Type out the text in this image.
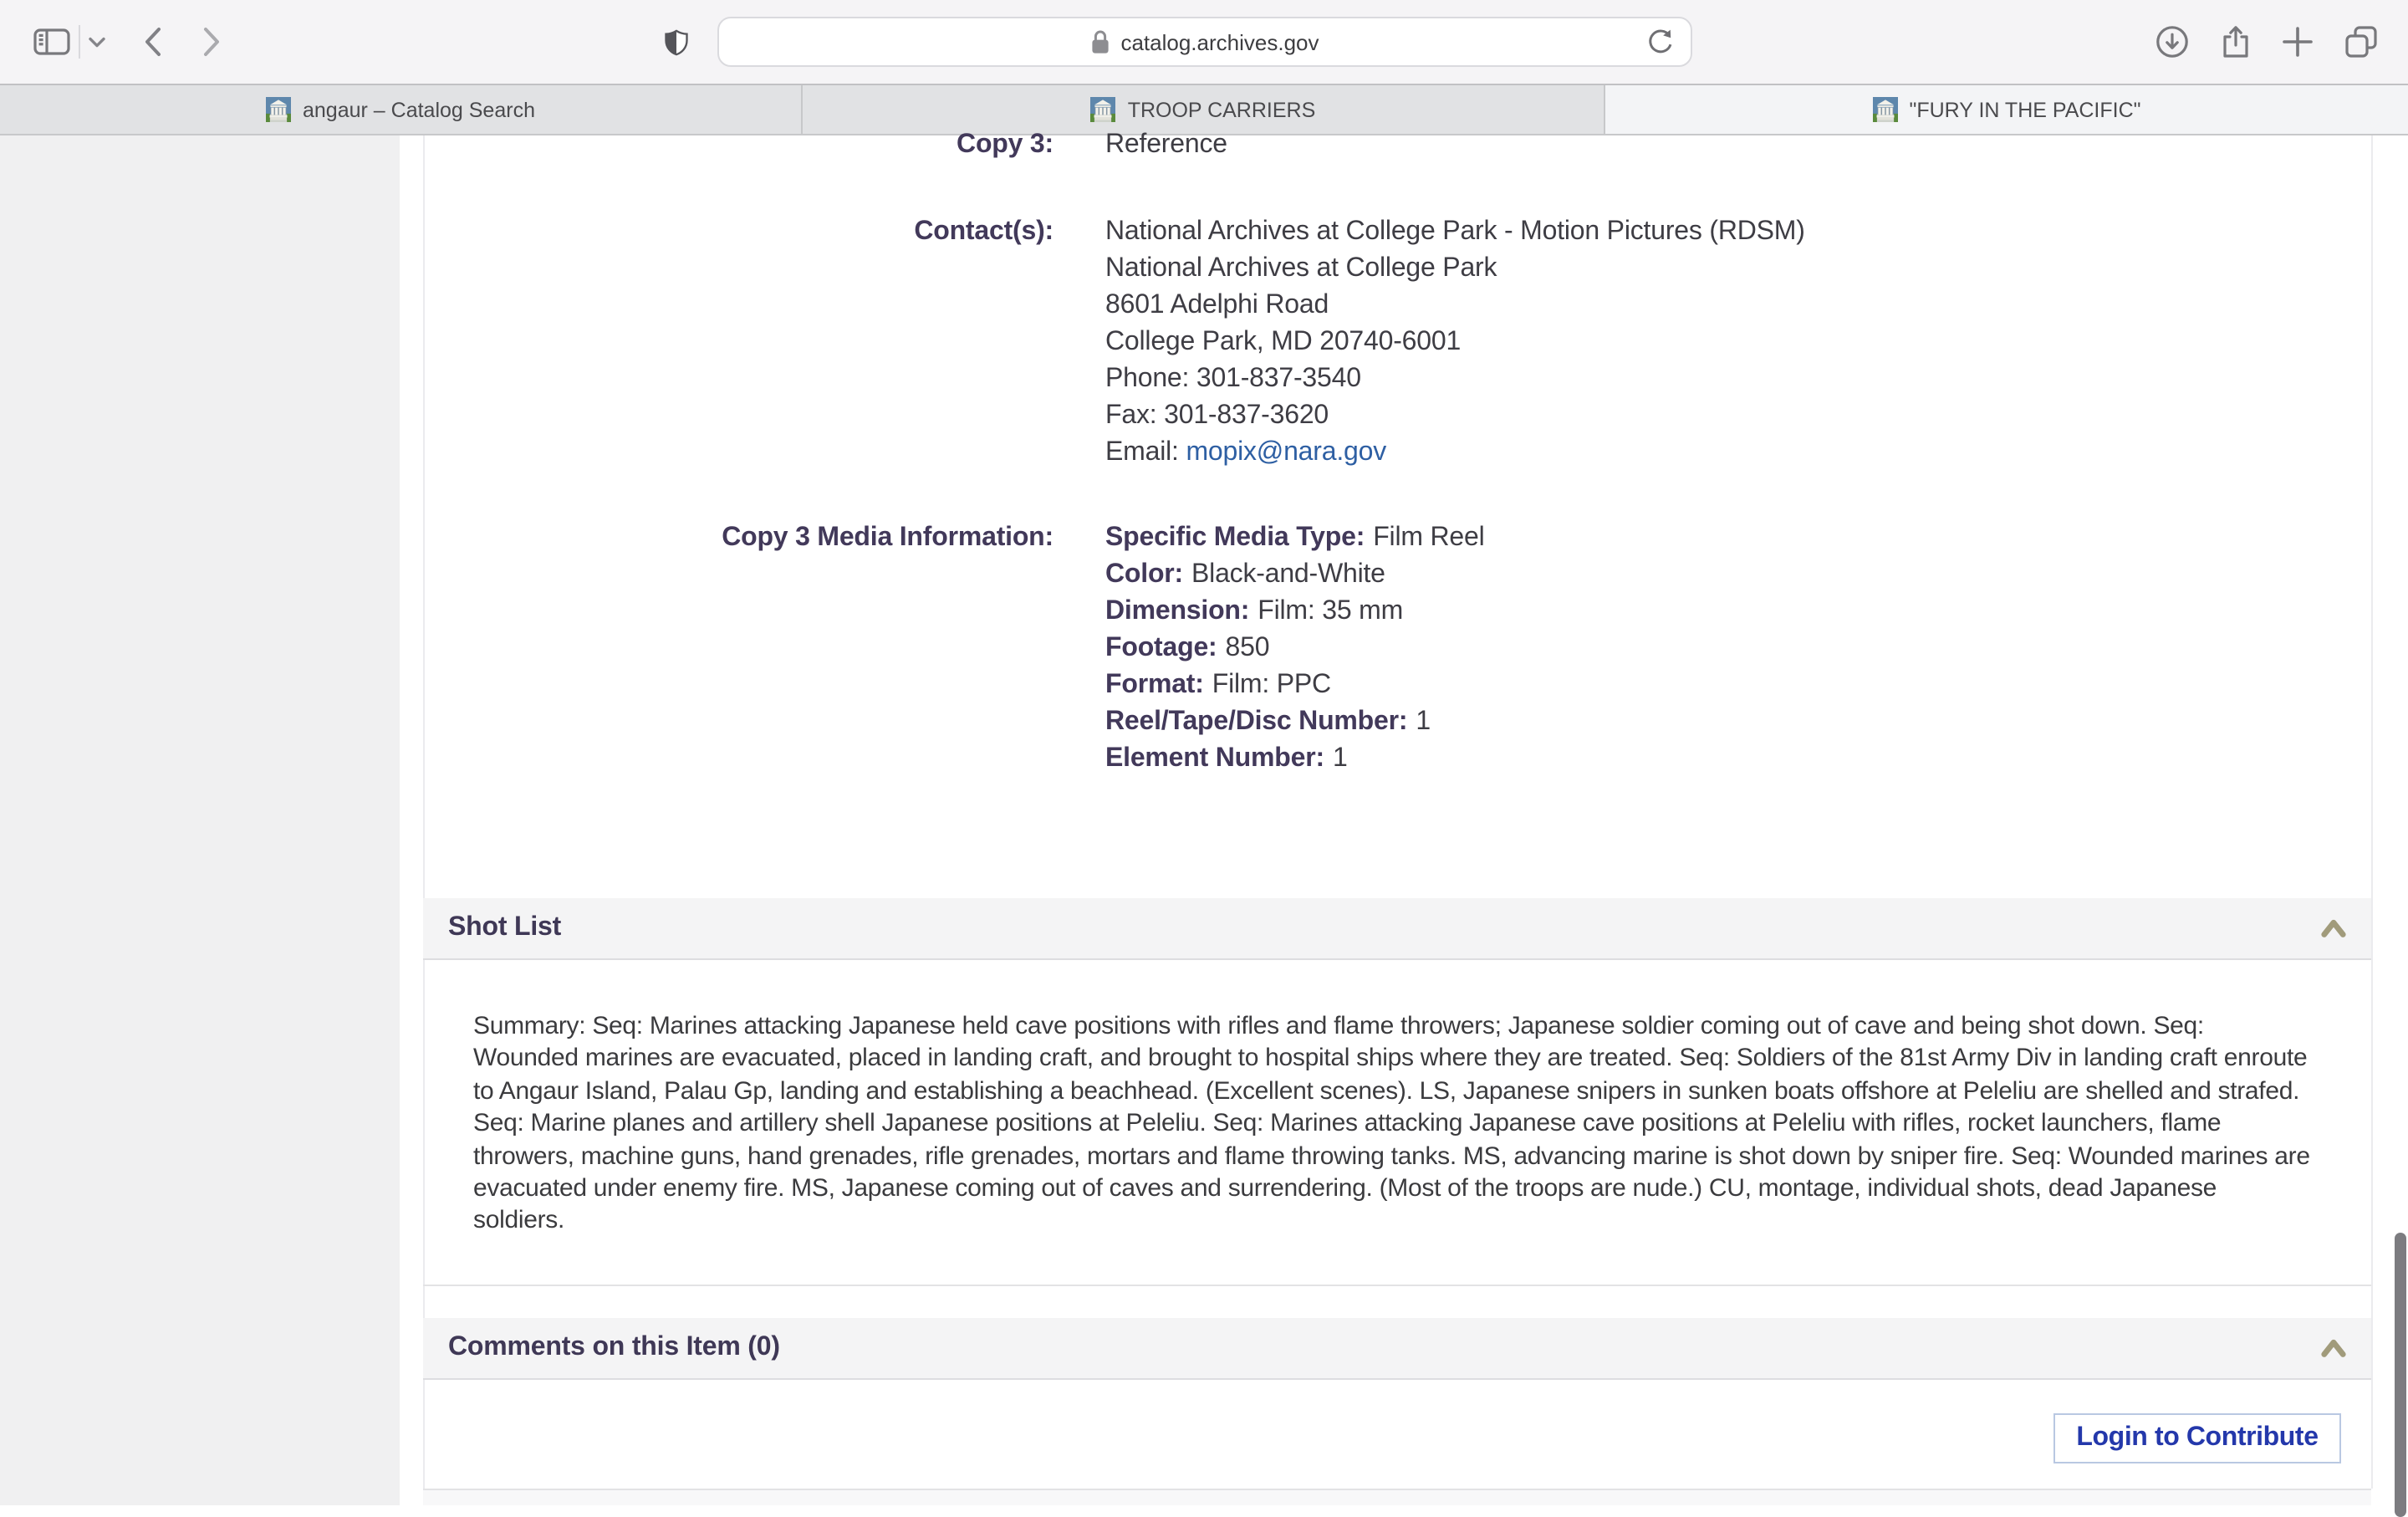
catalog.archives.gov
angaur – Catalog Search	TROOP CARRIERS	"FURY IN THE PACIFIC"
Copy 3:	Reference
Contact(s):	National Archives at College Park - Motion Pictures (RDSM)
National Archives at College Park
8601 Adelphi Road
College Park, MD 20740-6001
Phone: 301-837-3540
Fax: 301-837-3620
Email: mopix@nara.gov
Copy 3 Media Information:	Specific Media Type: Film Reel
Color: Black-and-White
Dimension: Film: 35 mm
Footage: 850
Format: Film: PPC
Reel/Tape/Disc Number: 1
Element Number: 1
Shot List
Summary: Seq: Marines attacking Japanese held cave positions with rifles and flame throwers; Japanese soldier coming out of cave and being shot down. Seq: Wounded marines are evacuated, placed in landing craft, and brought to hospital ships where they are treated. Seq: Soldiers of the 81st Army Div in landing craft enroute to Angaur Island, Palau Gp, landing and establishing a beachhead. (Excellent scenes). LS, Japanese snipers in sunken boats offshore at Peleliu are shelled and strafed. Seq: Marine planes and artillery shell Japanese positions at Peleliu. Seq: Marines attacking Japanese cave positions at Peleliu with rifles, rocket launchers, flame throwers, machine guns, hand grenades, rifle grenades, mortars and flame throwing tanks. MS, advancing marine is shot down by sniper fire. Seq: Wounded marines are evacuated under enemy fire. MS, Japanese coming out of caves and surrendering. (Most of the troops are nude.) CU, montage, individual shots, dead Japanese soldiers.
Comments on this Item (0)
Login to Contribute
